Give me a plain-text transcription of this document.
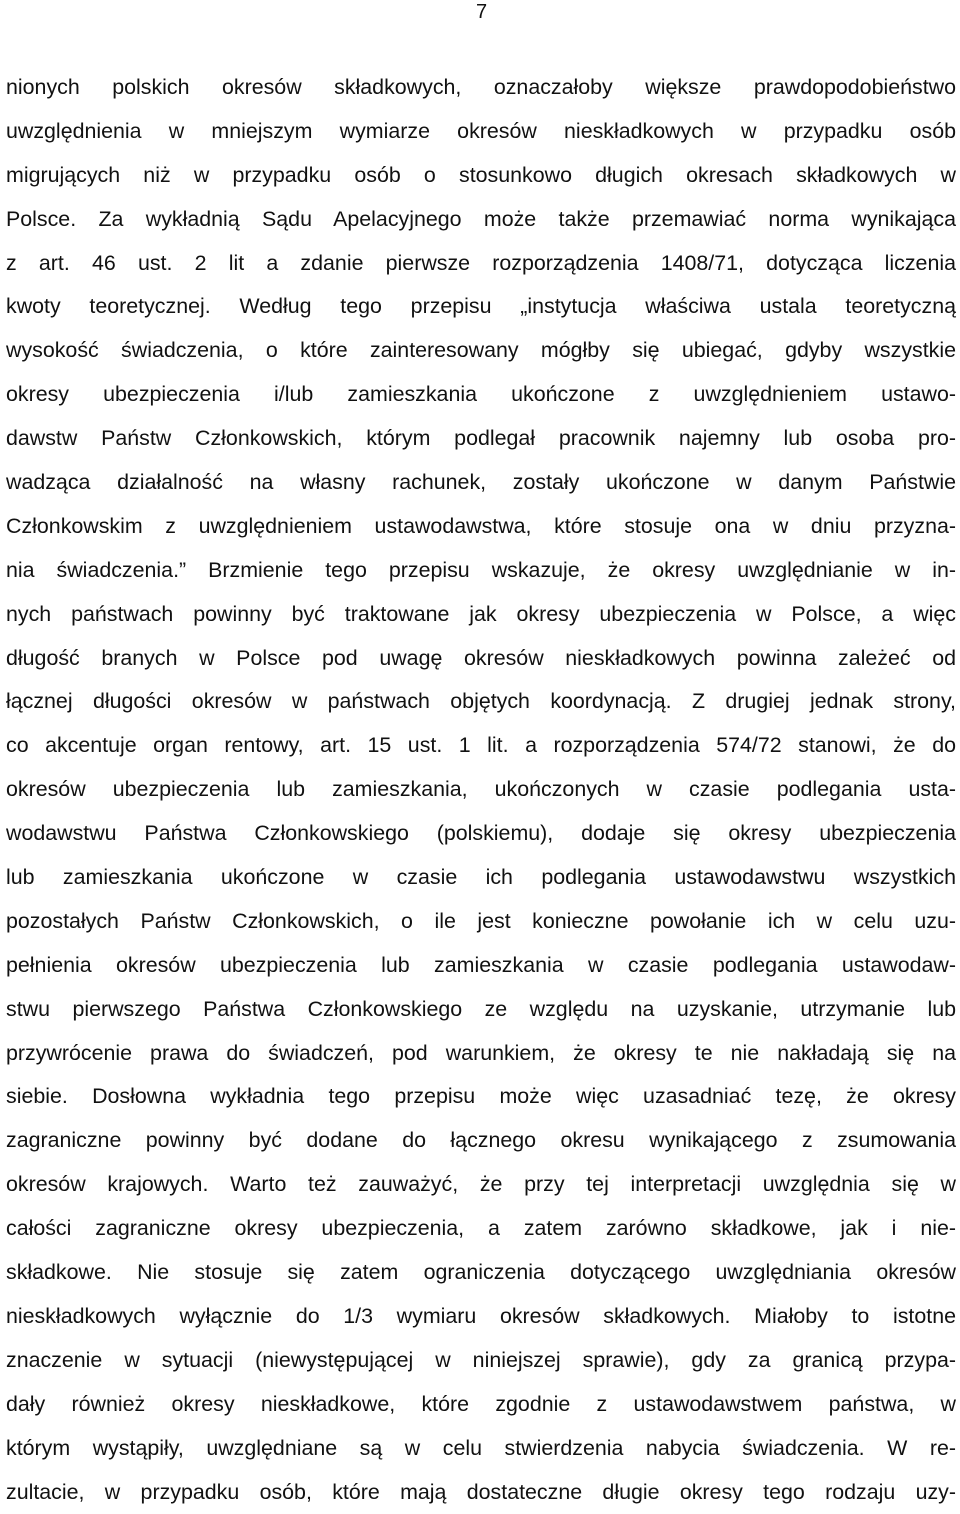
7
nionych polskich okresów składkowych, oznaczałoby większe prawdopodobieństwo
uwzględnienia w mniejszym wymiarze okresów nieskładkowych w przypadku osób
migrujących niż w przypadku osób o stosunkowo długich okresach składkowych w
Polsce. Za wykładnią Sądu Apelacyjnego może także przemawiać norma wynikająca
z art. 46 ust. 2 lit a zdanie pierwsze rozporządzenia 1408/71, dotycząca liczenia
kwoty teoretycznej. Według tego przepisu „instytucja właściwa ustala teoretyczną
wysokość świadczenia, o które zainteresowany mógłby się ubiegać, gdyby wszystkie
okresy ubezpieczenia i/lub zamieszkania ukończone z uwzględnieniem ustawo-
dawstw Państw Członkowskich, którym podlegał pracownik najemny lub osoba pro-
wadząca działalność na własny rachunek, zostały ukończone w danym Państwie
Członkowskim z uwzględnieniem ustawodawstwa, które stosuje ona w dniu przyzna-
nia świadczenia.” Brzmienie tego przepisu wskazuje, że okresy uwzględnianie w in-
nych państwach powinny być traktowane jak okresy ubezpieczenia w Polsce, a więc
długość branych w Polsce pod uwagę okresów nieskładkowych powinna zależeć od
łącznej długości okresów w państwach objętych koordynacją. Z drugiej jednak strony,
co akcentuje organ rentowy, art. 15 ust. 1 lit. a rozporządzenia 574/72 stanowi, że do
okresów ubezpieczenia lub zamieszkania, ukończonych w czasie podlegania usta-
wodawstwu Państwa Członkowskiego (polskiemu), dodaje się okresy ubezpieczenia
lub zamieszkania ukończone w czasie ich podlegania ustawodawstwu wszystkich
pozostałych Państw Członkowskich, o ile jest konieczne powołanie ich w celu uzu-
pełnienia okresów ubezpieczenia lub zamieszkania w czasie podlegania ustawodaw-
stwu pierwszego Państwa Członkowskiego ze względu na uzyskanie, utrzymanie lub
przywrócenie prawa do świadczeń, pod warunkiem, że okresy te nie nakładają się na
siebie. Dosłowna wykładnia tego przepisu może więc uzasadniać tezę, że okresy
zagraniczne powinny być dodane do łącznego okresu wynikającego z zsumowania
okresów krajowych. Warto też zauważyć, że przy tej interpretacji uwzględnia się w
całości zagraniczne okresy ubezpieczenia, a zatem zarówno składkowe, jak i nie-
składkowe. Nie stosuje się zatem ograniczenia dotyczącego uwzględniania okresów
nieskładkowych wyłącznie do 1/3 wymiaru okresów składkowych. Miałoby to istotne
znaczenie w sytuacji (niewystępującej w niniejszej sprawie), gdy za granicą przypa-
dały również okresy nieskładkowe, które zgodnie z ustawodawstwem państwa, w
którym wystąpiły, uwzględniane są w celu stwierdzenia nabycia świadczenia. W re-
zultacie, w przypadku osób, które mają dostateczne długie okresy tego rodzaju uzy-
